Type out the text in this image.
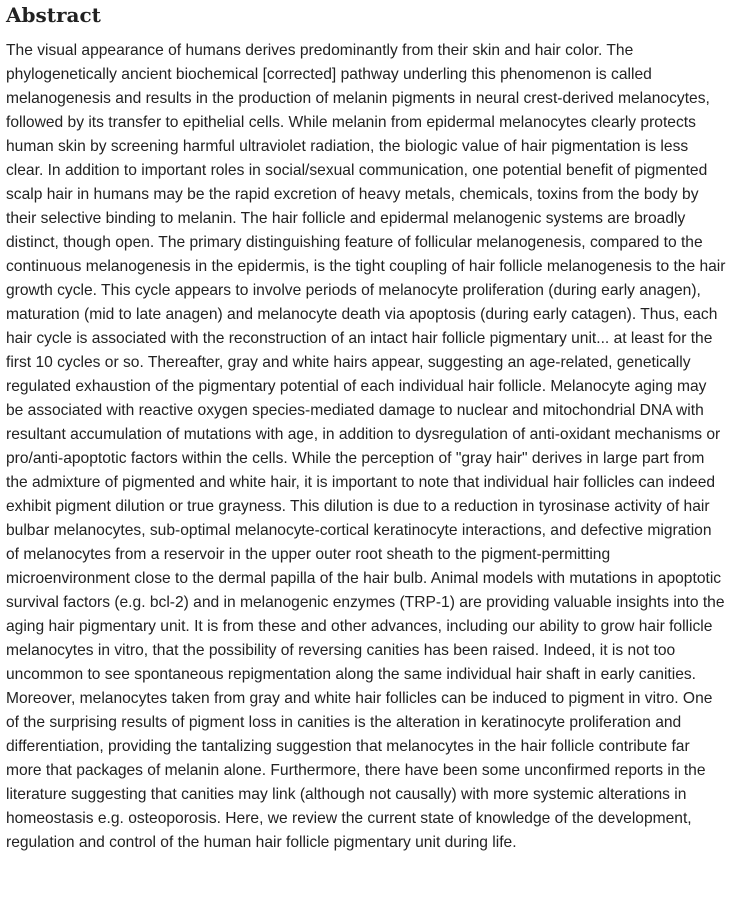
Abstract

The visual appearance of humans derives predominantly from their skin and hair color. The phylogenetically ancient biochemical [corrected] pathway underling this phenomenon is called melanogenesis and results in the production of melanin pigments in neural crest-derived melanocytes, followed by its transfer to epithelial cells. While melanin from epidermal melanocytes clearly protects human skin by screening harmful ultraviolet radiation, the biologic value of hair pigmentation is less clear. In addition to important roles in social/sexual communication, one potential benefit of pigmented scalp hair in humans may be the rapid excretion of heavy metals, chemicals, toxins from the body by their selective binding to melanin. The hair follicle and epidermal melanogenic systems are broadly distinct, though open. The primary distinguishing feature of follicular melanogenesis, compared to the continuous melanogenesis in the epidermis, is the tight coupling of hair follicle melanogenesis to the hair growth cycle. This cycle appears to involve periods of melanocyte proliferation (during early anagen), maturation (mid to late anagen) and melanocyte death via apoptosis (during early catagen). Thus, each hair cycle is associated with the reconstruction of an intact hair follicle pigmentary unit... at least for the first 10 cycles or so. Thereafter, gray and white hairs appear, suggesting an age-related, genetically regulated exhaustion of the pigmentary potential of each individual hair follicle. Melanocyte aging may be associated with reactive oxygen species-mediated damage to nuclear and mitochondrial DNA with resultant accumulation of mutations with age, in addition to dysregulation of anti-oxidant mechanisms or pro/anti-apoptotic factors within the cells. While the perception of "gray hair" derives in large part from the admixture of pigmented and white hair, it is important to note that individual hair follicles can indeed exhibit pigment dilution or true grayness. This dilution is due to a reduction in tyrosinase activity of hair bulbar melanocytes, sub-optimal melanocyte-cortical keratinocyte interactions, and defective migration of melanocytes from a reservoir in the upper outer root sheath to the pigment-permitting microenvironment close to the dermal papilla of the hair bulb. Animal models with mutations in apoptotic survival factors (e.g. bcl-2) and in melanogenic enzymes (TRP-1) are providing valuable insights into the aging hair pigmentary unit. It is from these and other advances, including our ability to grow hair follicle melanocytes in vitro, that the possibility of reversing canities has been raised. Indeed, it is not too uncommon to see spontaneous repigmentation along the same individual hair shaft in early canities. Moreover, melanocytes taken from gray and white hair follicles can be induced to pigment in vitro. One of the surprising results of pigment loss in canities is the alteration in keratinocyte proliferation and differentiation, providing the tantalizing suggestion that melanocytes in the hair follicle contribute far more that packages of melanin alone. Furthermore, there have been some unconfirmed reports in the literature suggesting that canities may link (although not causally) with more systemic alterations in homeostasis e.g. osteoporosis. Here, we review the current state of knowledge of the development, regulation and control of the human hair follicle pigmentary unit during life.
